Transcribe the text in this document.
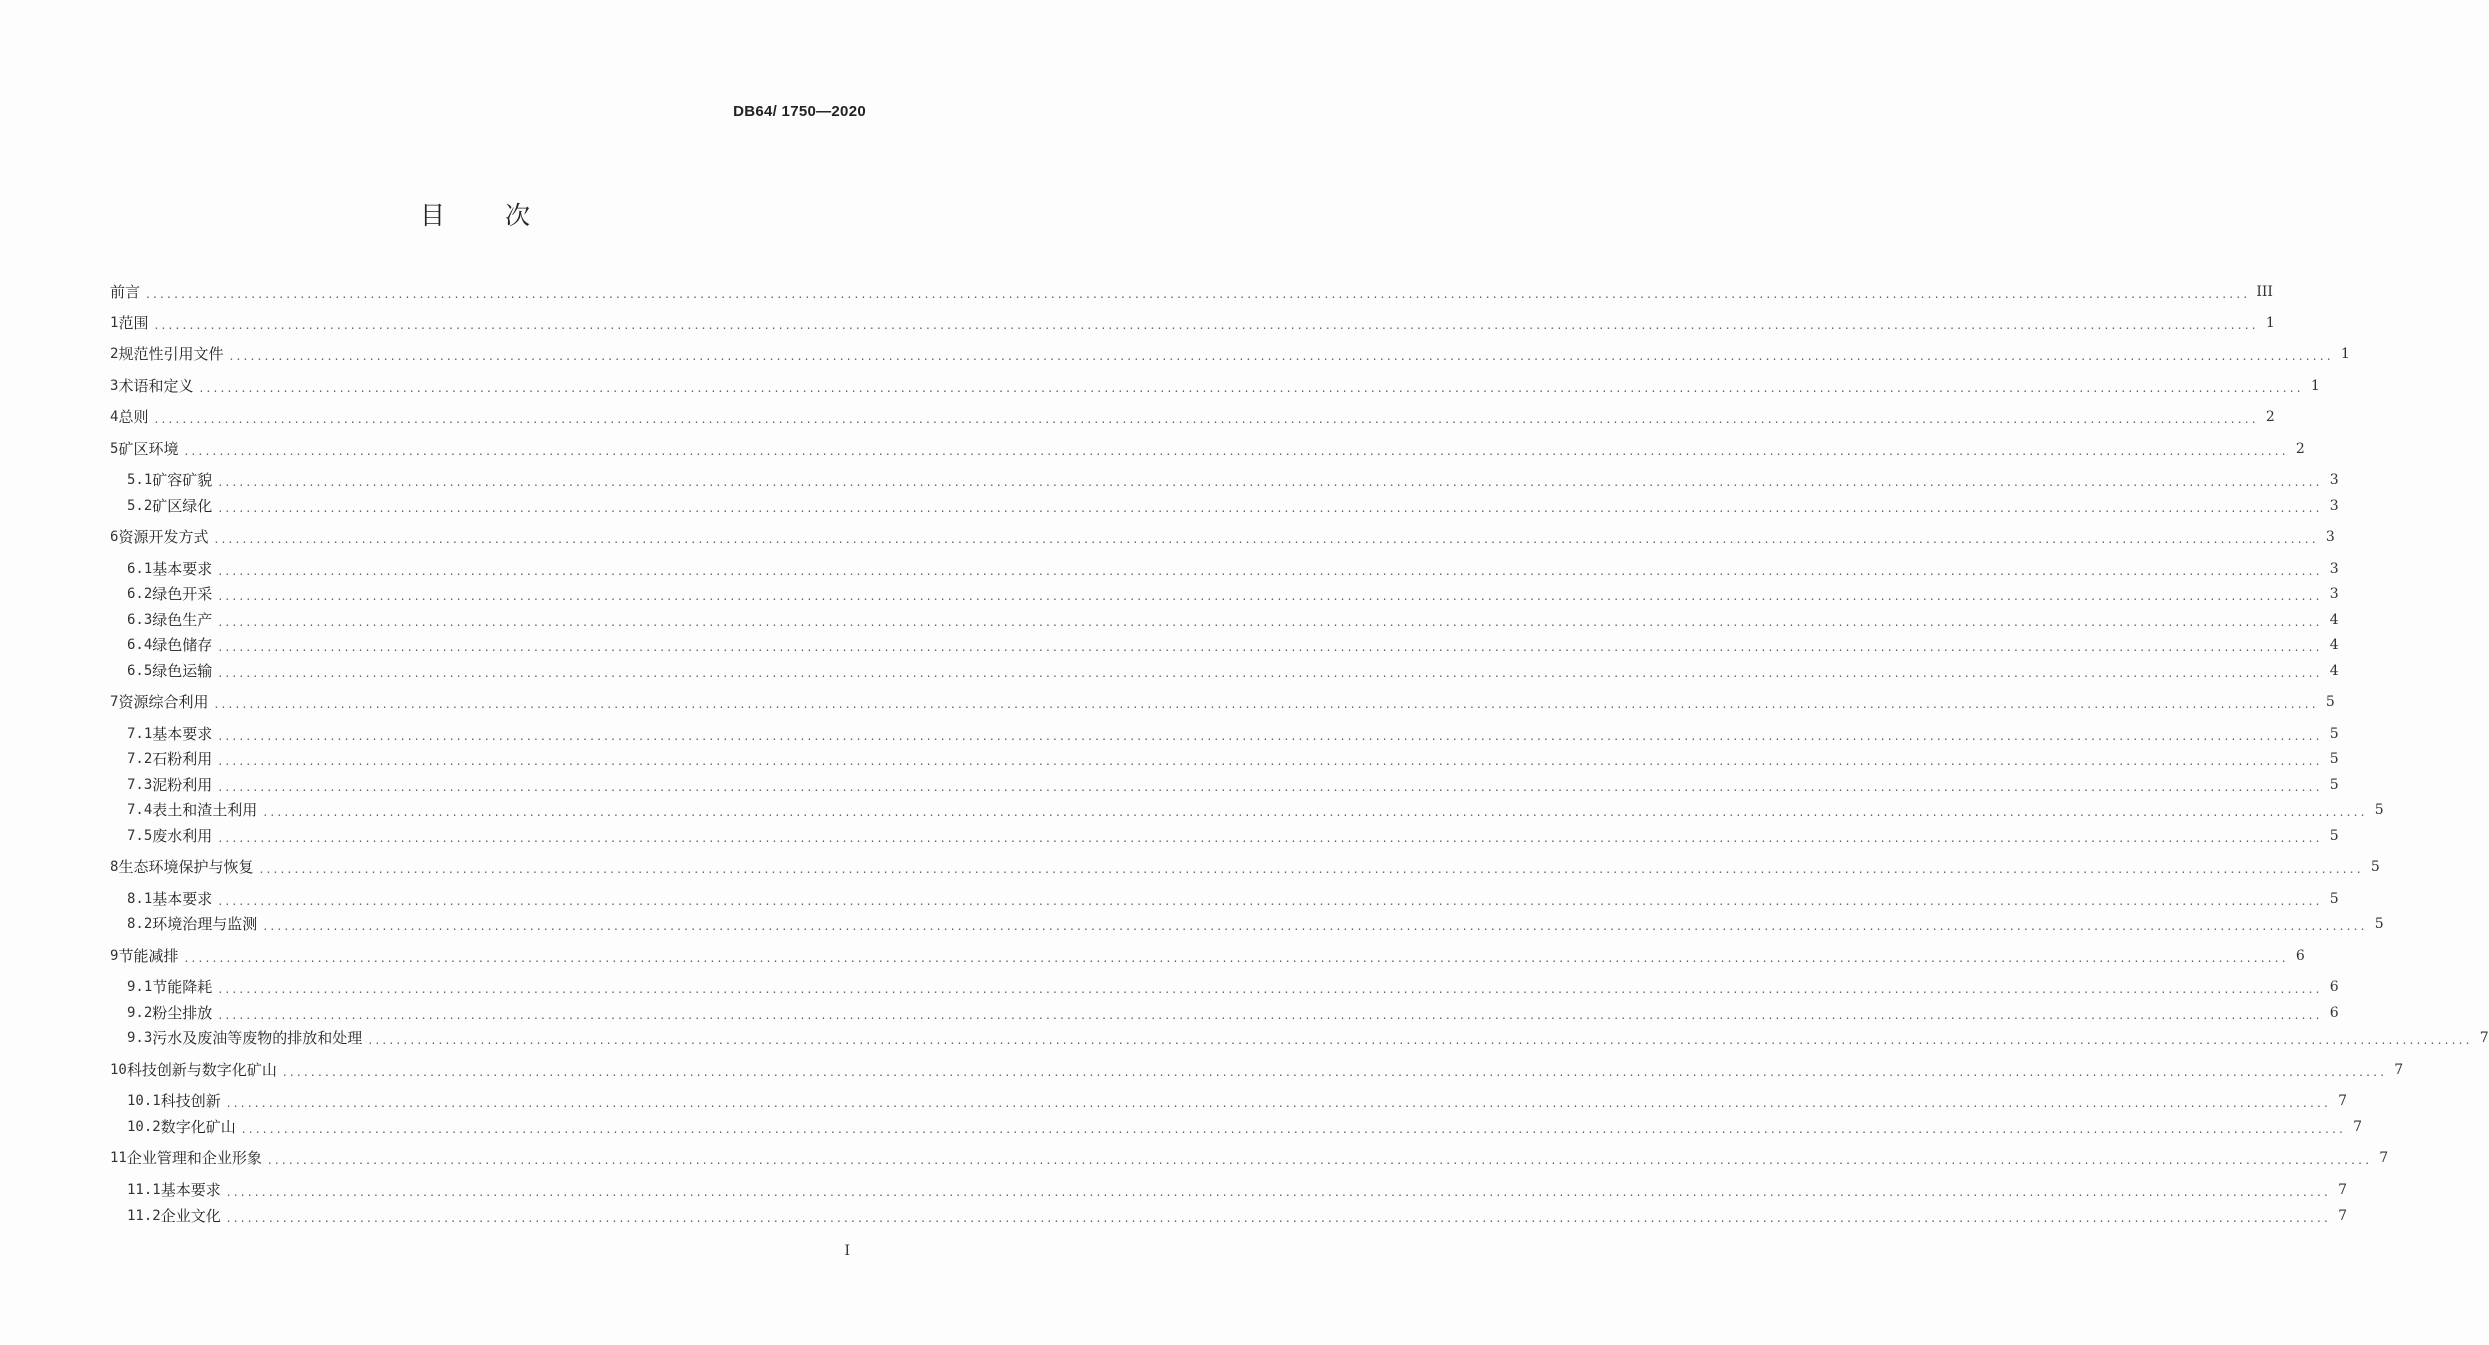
DB64/ 1750—2020
目 次
前言 ............................................................................................................................................................................................................................................................................................................ III
1 范围 ............................................................................................................................................................................................................................................................................................................ 1
2 规范性引用文件 ............................................................................................................................................................................................................................................................................................................ 1
3 术语和定义 ............................................................................................................................................................................................................................................................................................................ 1
4 总则 ............................................................................................................................................................................................................................................................................................................ 2
5 矿区环境 ............................................................................................................................................................................................................................................................................................................ 2
5.1 矿容矿貌 ............................................................................................................................................................................................................................................................................................................ 3
5.2 矿区绿化 ............................................................................................................................................................................................................................................................................................................ 3
6 资源开发方式 ............................................................................................................................................................................................................................................................................................................ 3
6.1 基本要求 ............................................................................................................................................................................................................................................................................................................ 3
6.2 绿色开采 ............................................................................................................................................................................................................................................................................................................ 3
6.3 绿色生产 ............................................................................................................................................................................................................................................................................................................ 4
6.4 绿色储存 ............................................................................................................................................................................................................................................................................................................ 4
6.5 绿色运输 ............................................................................................................................................................................................................................................................................................................ 4
7 资源综合利用 ............................................................................................................................................................................................................................................................................................................ 5
7.1 基本要求 ............................................................................................................................................................................................................................................................................................................ 5
7.2 石粉利用 ............................................................................................................................................................................................................................................................................................................ 5
7.3 泥粉利用 ............................................................................................................................................................................................................................................................................................................ 5
7.4 表土和渣土利用 ............................................................................................................................................................................................................................................................................................................ 5
7.5 废水利用 ............................................................................................................................................................................................................................................................................................................ 5
8 生态环境保护与恢复 ............................................................................................................................................................................................................................................................................................................ 5
8.1 基本要求 ............................................................................................................................................................................................................................................................................................................ 5
8.2 环境治理与监测 ............................................................................................................................................................................................................................................................................................................ 5
9 节能减排 ............................................................................................................................................................................................................................................................................................................ 6
9.1 节能降耗 ............................................................................................................................................................................................................................................................................................................ 6
9.2 粉尘排放 ............................................................................................................................................................................................................................................................................................................ 6
9.3 污水及废油等废物的排放和处理 ............................................................................................................................................................................................................................................................................................................ 7
10 科技创新与数字化矿山 ............................................................................................................................................................................................................................................................................................................ 7
10.1 科技创新 ............................................................................................................................................................................................................................................................................................................ 7
10.2 数字化矿山 ............................................................................................................................................................................................................................................................................................................ 7
11 企业管理和企业形象 ............................................................................................................................................................................................................................................................................................................ 7
11.1 基本要求 ............................................................................................................................................................................................................................................................................................................ 7
11.2 企业文化 ............................................................................................................................................................................................................................................................................................................ 7
I
